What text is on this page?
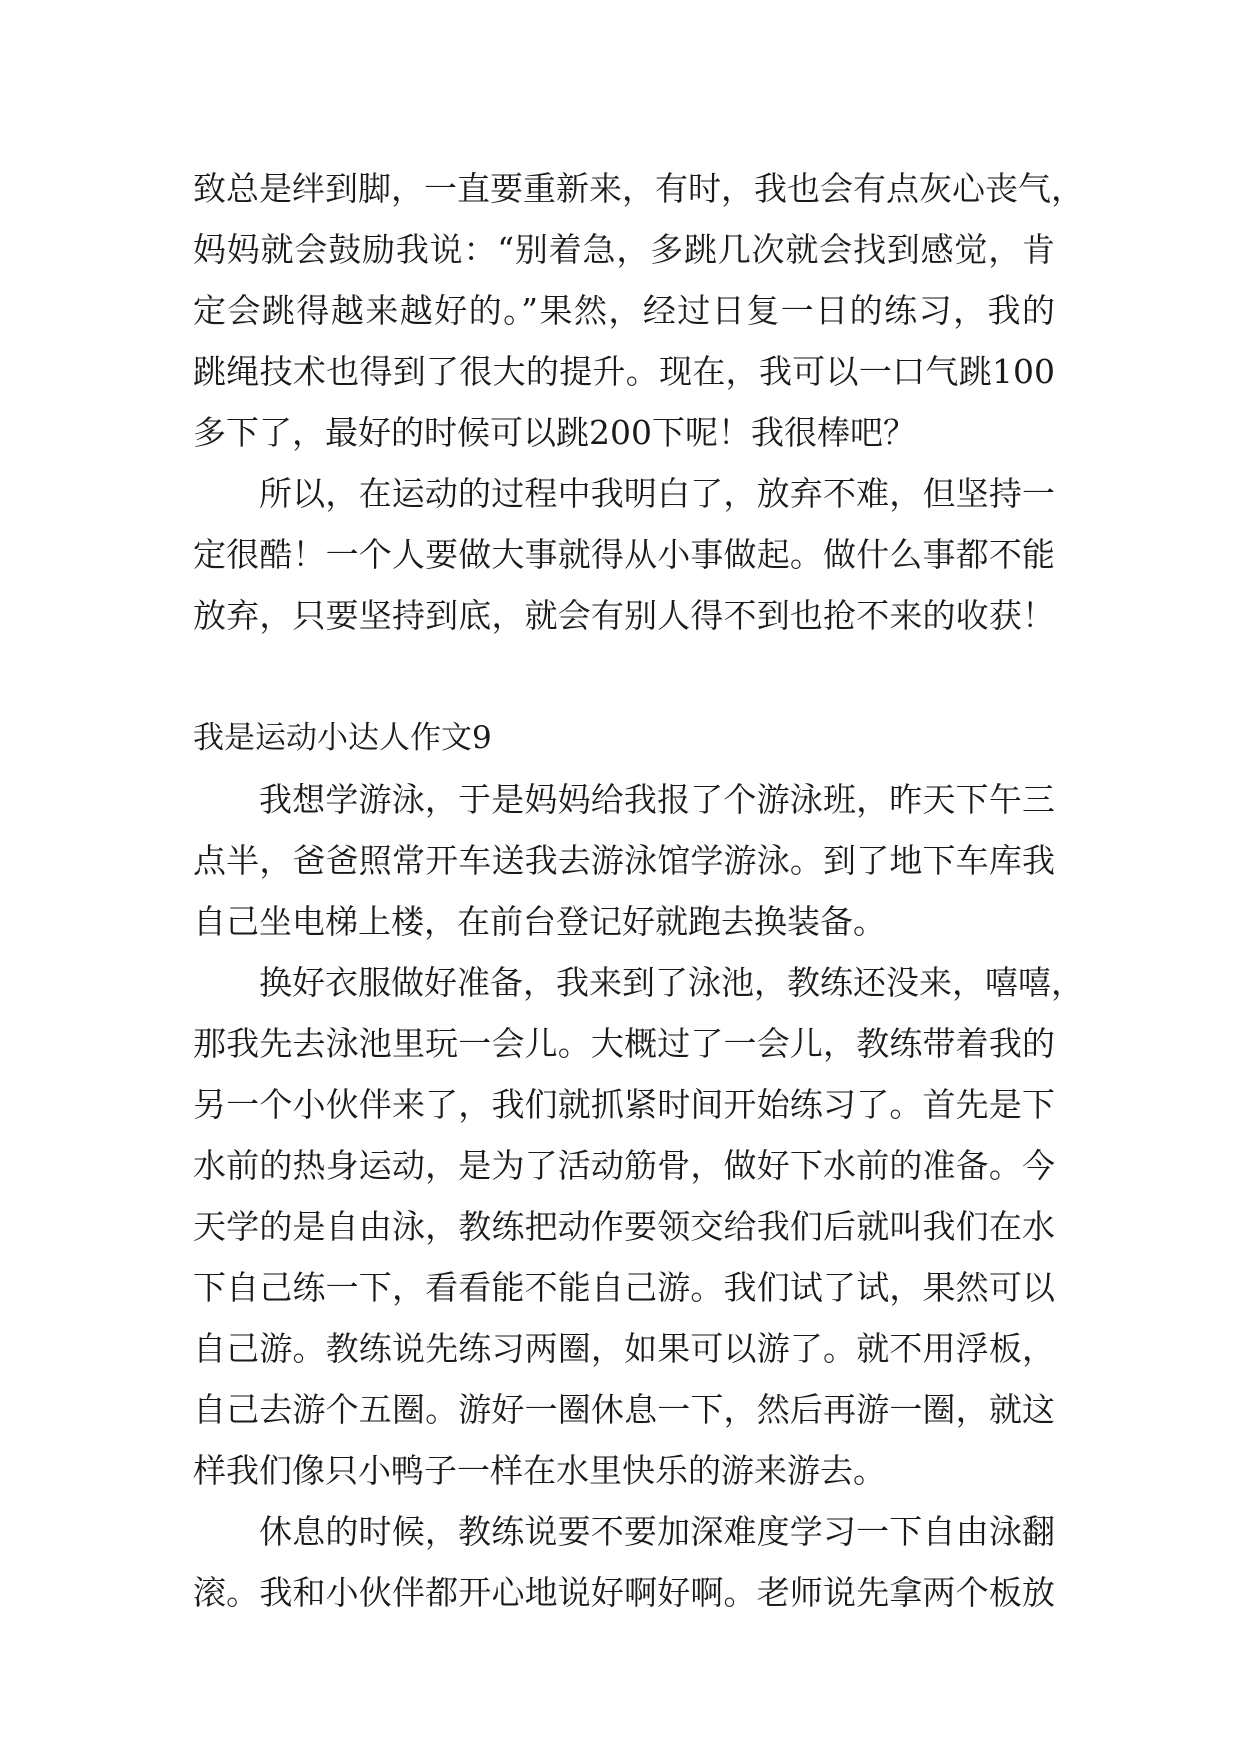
致总是绊到脚，一直要重新来，有时，我也会有点灰心丧气，
妈妈就会鼓励我说：“别着急，多跳几次就会找到感觉，肯
定会跳得越来越好的。”果然，经过日复一日的练习，我的
跳绳技术也得到了很大的提升。现在，我可以一口气跳100
多下了，最好的时候可以跳200下呢！我很棒吧？
所以，在运动的过程中我明白了，放弃不难，但坚持一
定很酷！一个人要做大事就得从小事做起。做什么事都不能
放弃，只要坚持到底，就会有别人得不到也抢不来的收获！
我是运动小达人作文9
我想学游泳，于是妈妈给我报了个游泳班，昨天下午三
点半，爸爸照常开车送我去游泳馆学游泳。到了地下车库我
自己坐电梯上楼，在前台登记好就跑去换装备。
换好衣服做好准备，我来到了泳池，教练还没来，嘻嘻，
那我先去泳池里玩一会儿。大概过了一会儿，教练带着我的
另一个小伙伴来了，我们就抓紧时间开始练习了。首先是下
水前的热身运动，是为了活动筋骨，做好下水前的准备。今
天学的是自由泳，教练把动作要领交给我们后就叫我们在水
下自己练一下，看看能不能自己游。我们试了试，果然可以
自己游。教练说先练习两圈，如果可以游了。就不用浮板，
自己去游个五圈。游好一圈休息一下，然后再游一圈，就这
样我们像只小鸭子一样在水里快乐的游来游去。
休息的时候，教练说要不要加深难度学习一下自由泳翻
滚。我和小伙伴都开心地说好啊好啊。老师说先拿两个板放
